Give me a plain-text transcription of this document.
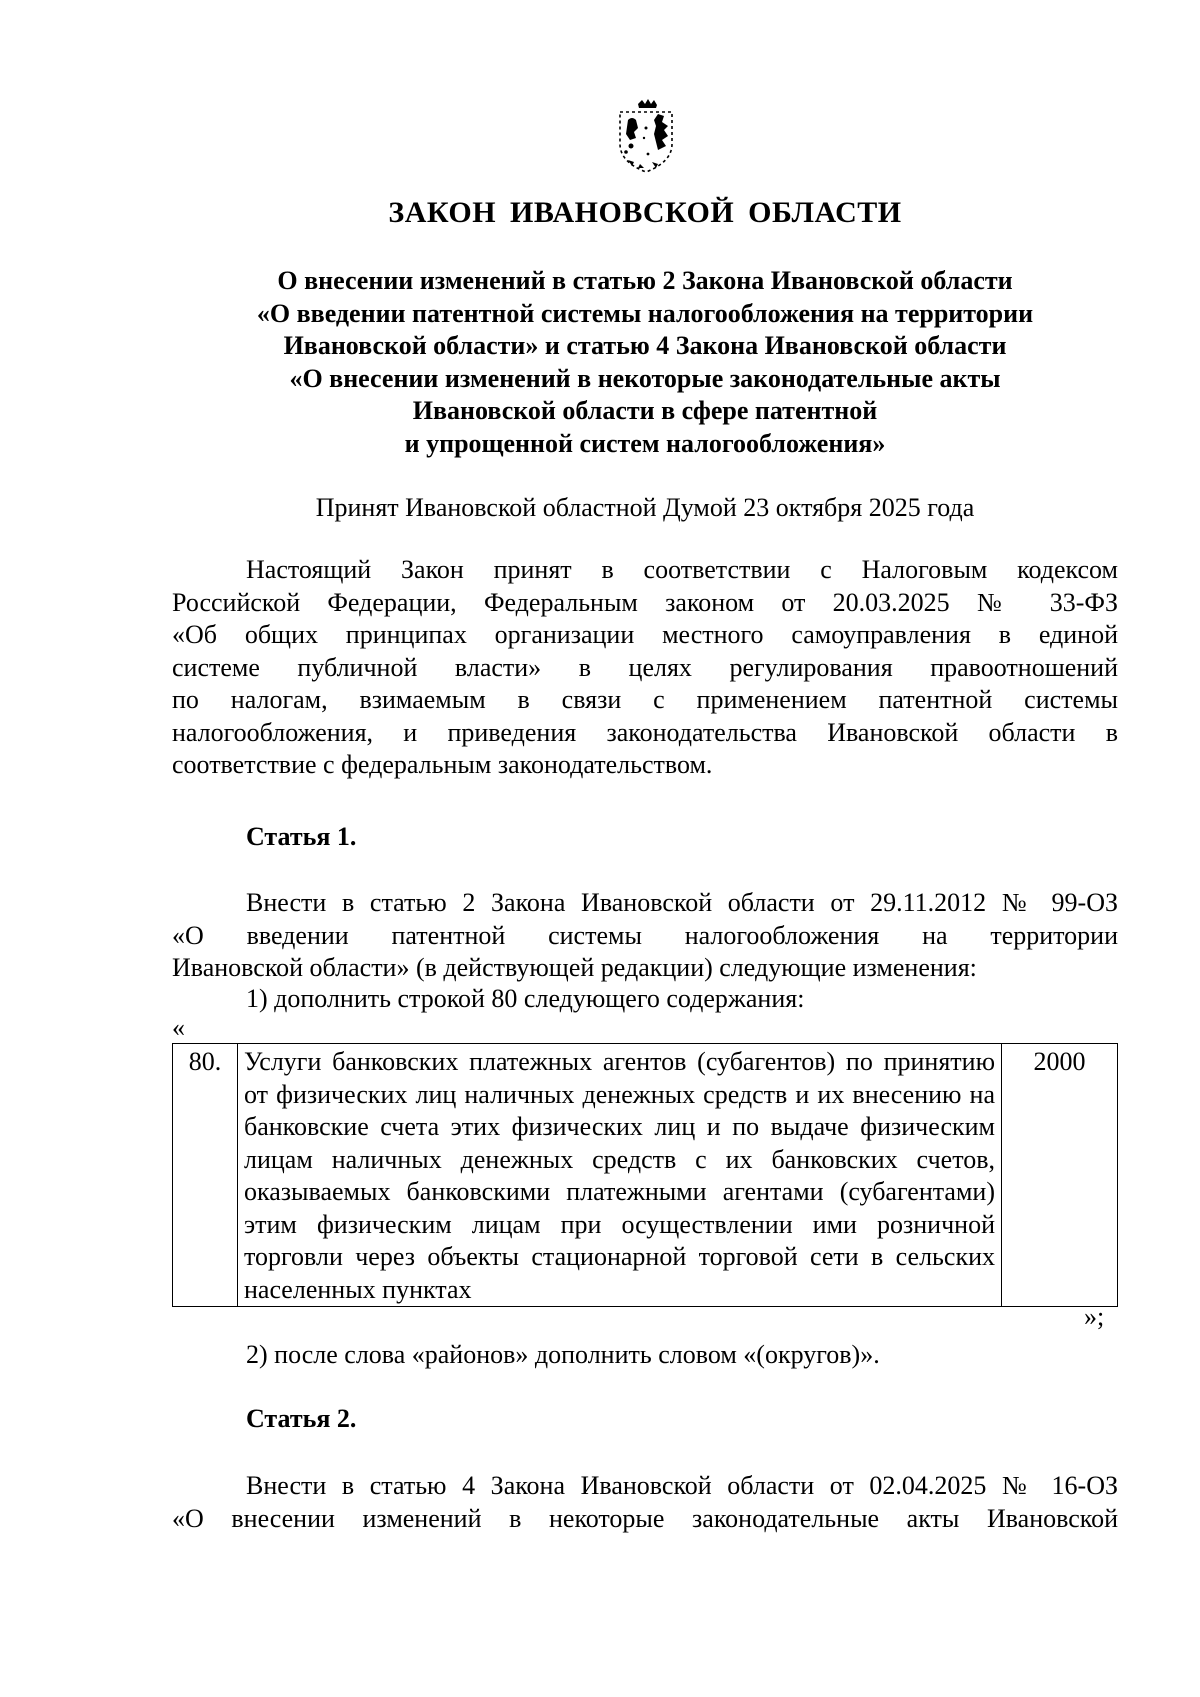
ЗАКОН ИВАНОВСКОЙ ОБЛАСТИ
О внесении изменений в статью 2 Закона Ивановской области
«О введении патентной системы налогообложения на территории
Ивановской области» и статью 4 Закона Ивановской области
«О внесении изменений в некоторые законодательные акты
Ивановской области в сфере патентной
и упрощенной систем налогообложения»
Принят Ивановской областной Думой 23 октября 2025 года
Настоящий Закон принят в соответствии с Налоговым кодексом
Российской Федерации, Федеральным законом от 20.03.2025 № 33-ФЗ
«Об общих принципах организации местного самоуправления в единой
системе публичной власти» в целях регулирования правоотношений
по налогам, взимаемым в связи с применением патентной системы
налогообложения, и приведения законодательства Ивановской области в
соответствие с федеральным законодательством.
Статья 1.
Внести в статью 2 Закона Ивановской области от 29.11.2012 № 99-ОЗ
«О введении патентной системы налогообложения на территории
Ивановской области» (в действующей редакции) следующие изменения:
1) дополнить строкой 80 следующего содержания:
«
80.	Услуги банковских платежных агентов (субагентов) по принятию от физических лиц наличных денежных средств и их внесению на банковские счета этих физических лиц и по выдаче физическим лицам наличных денежных средств с их банковских счетов, оказываемых банковскими платежными агентами (субагентами) этим физическим лицам при осуществлении ими розничной торговли через объекты стационарной торговой сети в сельских населенных пунктах	2000
»;
2) после слова «районов» дополнить словом «(округов)».
Статья 2.
Внести в статью 4 Закона Ивановской области от 02.04.2025 № 16-ОЗ
«О внесении изменений в некоторые законодательные акты Ивановской
